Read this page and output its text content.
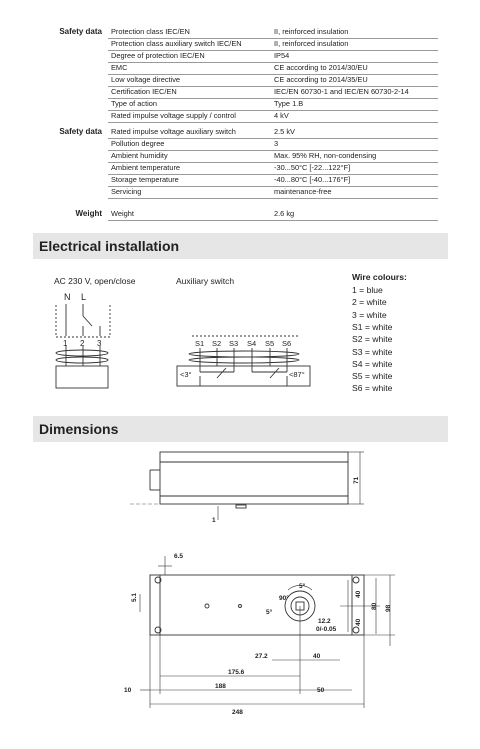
Safety data
Safety data
Weight
Protection class IEC/EN	II, reinforced insulation
Protection class auxiliary switch IEC/EN	II, reinforced insulation
Degree of protection IEC/EN	IP54
EMC	CE according to 2014/30/EU
Low voltage directive	CE according to 2014/35/EU
Certification IEC/EN	IEC/EN 60730-1 and IEC/EN 60730-2-14
Type of action	Type 1.B
Rated impulse voltage supply / control	4 kV
Rated impulse voltage auxiliary switch	2.5 kV
Pollution degree	3
Ambient humidity	Max. 95% RH, non-condensing
Ambient temperature	-30...50°C [-22...122°F]
Storage temperature	-40...80°C [-40...176°F]
Servicing	maintenance-free
Weight	2.6 kg
Electrical installation
AC 230 V, open/close	Auxiliary switch	Wire colours:
1 = blue
2 = white
3 = white
S1 = white
S2 = white
S3 = white
S4 = white
S5 = white
S6 = white
N L
1 2 3	S1 S2 S3 S4 S5 S6
<3°	<87°
Dimensions
71
1
6.5
5.1
5°
90°
5°
12.2
0/-0.05
40
40
80 98
27.2	40
175.6
10
188
50
248
